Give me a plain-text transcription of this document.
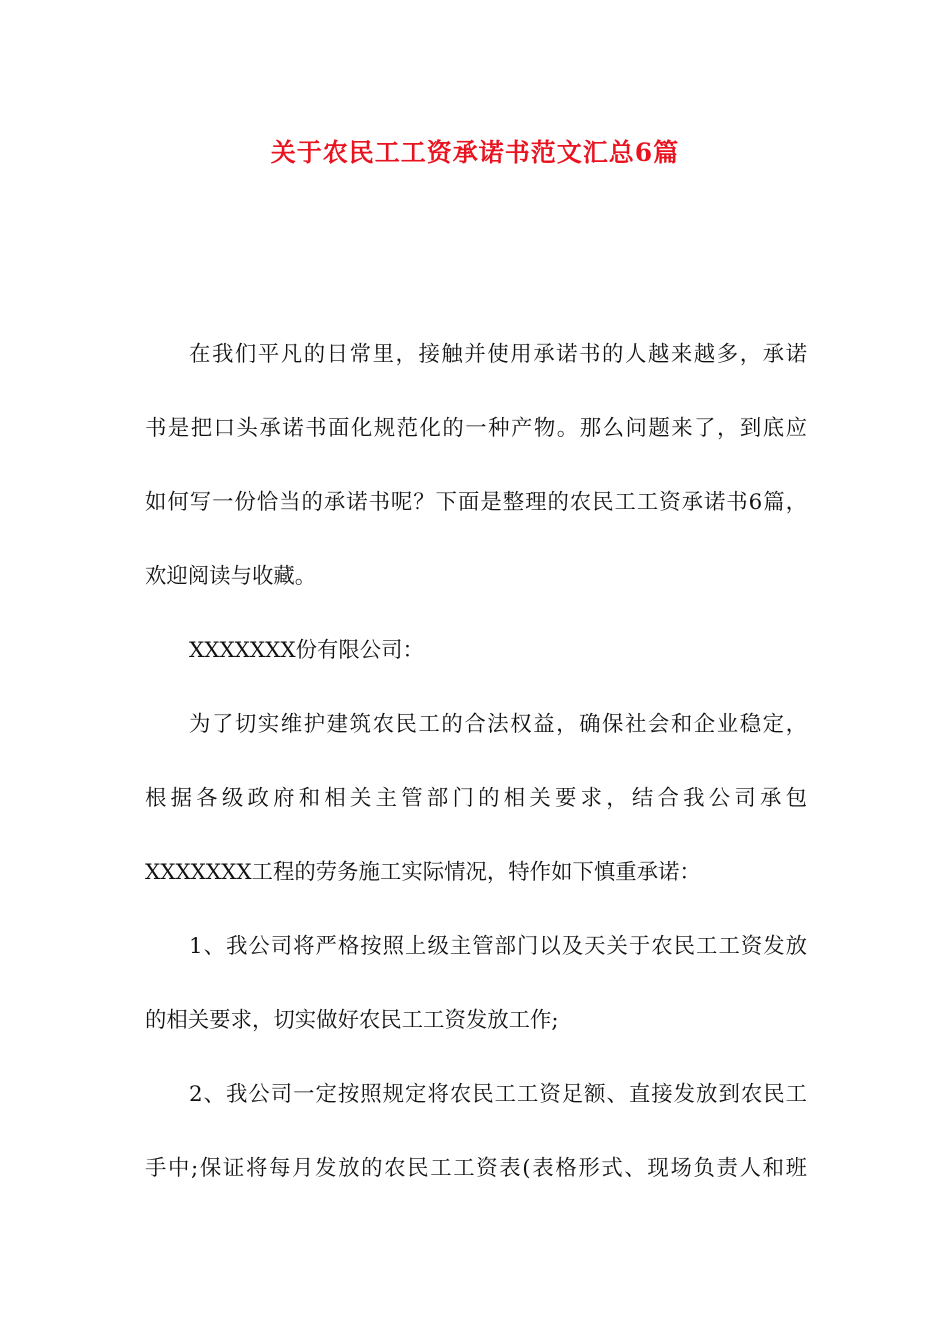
关于农民工工资承诺书范文汇总6篇
在我们平凡的日常里，接触并使用承诺书的人越来越多，承诺
书是把口头承诺书面化规范化的一种产物。那么问题来了，到底应
如何写一份恰当的承诺书呢？下面是整理的农民工工资承诺书6篇，
欢迎阅读与收藏。
XXXXXXX份有限公司：
为了切实维护建筑农民工的合法权益，确保社会和企业稳定，
根据各级政府和相关主管部门的相关要求，结合我公司承包
XXXXXXX工程的劳务施工实际情况，特作如下慎重承诺：
1、我公司将严格按照上级主管部门以及天关于农民工工资发放
的相关要求，切实做好农民工工资发放工作;
2、我公司一定按照规定将农民工工资足额、直接发放到农民工
手中;保证将每月发放的农民工工资表(表格形式、现场负责人和班
